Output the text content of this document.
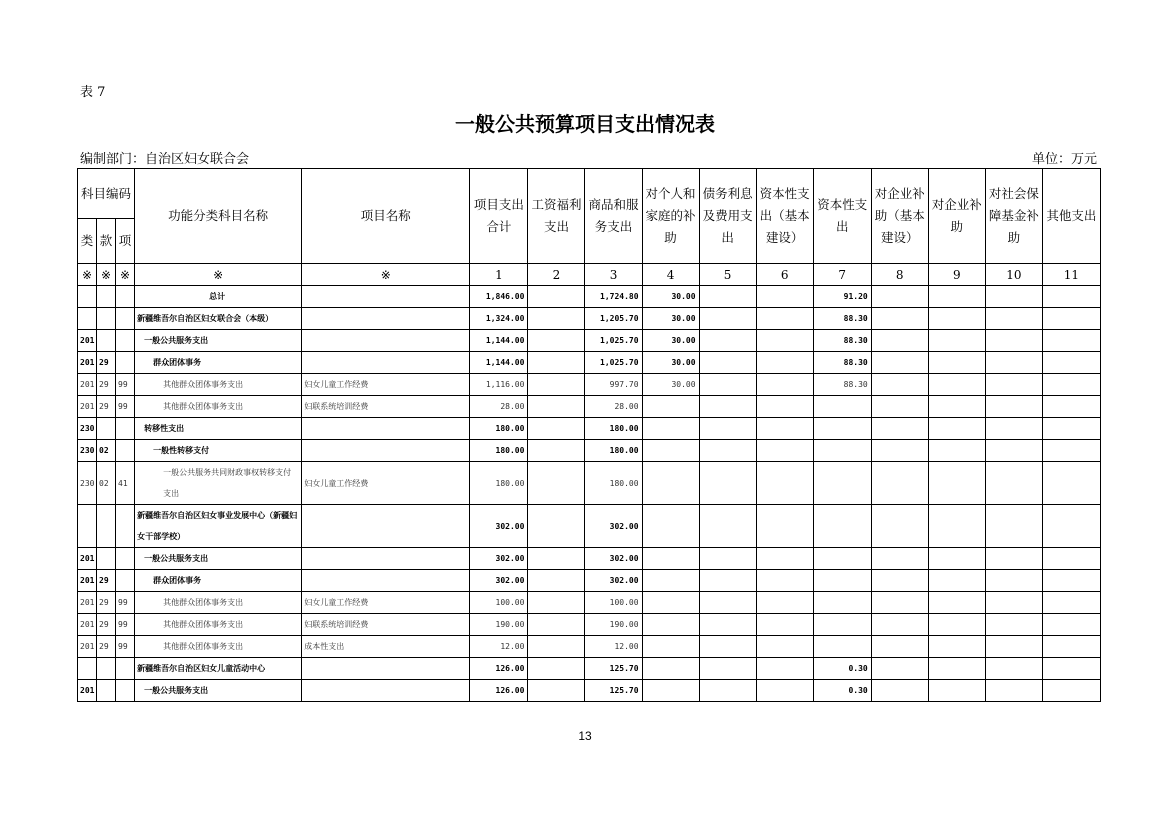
表 7
一般公共预算项目支出情况表
编制部门：自治区妇女联合会	单位：万元
科目编码			功能分类科目名称	项目名称	项目支出合计	工资福利支出	商品和服务支出	对个人和家庭的补助	债务利息及费用支出	资本性支出（基本建设）	资本性支出	对企业补助（基本建设）	对企业补助	对社会保障基金补助	其他支出
类	款	项													
※	※	※	※	※	1	2	3	4	5	6	7	8	9	10	11
			总计		1,846.00		1,724.80	30.00			91.20				
			新疆维吾尔自治区妇女联合会（本级）		1,324.00		1,205.70	30.00			88.30				
201			一般公共服务支出		1,144.00		1,025.70	30.00			88.30				
201	29		群众团体事务		1,144.00		1,025.70	30.00			88.30				
201	29	99	其他群众团体事务支出	妇女儿童工作经费	1,116.00		997.70	30.00			88.30				
201	29	99	其他群众团体事务支出	妇联系统培训经费	28.00		28.00								
230			转移性支出		180.00		180.00								
230	02		一般性转移支付		180.00		180.00								
230	02	41	一般公共服务共同财政事权转移支付支出	妇女儿童工作经费	180.00		180.00								
			新疆维吾尔自治区妇女事业发展中心（新疆妇女干部学校）		302.00		302.00								
201			一般公共服务支出		302.00		302.00								
201	29		群众团体事务		302.00		302.00								
201	29	99	其他群众团体事务支出	妇女儿童工作经费	100.00		100.00								
201	29	99	其他群众团体事务支出	妇联系统培训经费	190.00		190.00								
201	29	99	其他群众团体事务支出	成本性支出	12.00		12.00								
			新疆维吾尔自治区妇女儿童活动中心		126.00		125.70				0.30				
201			一般公共服务支出		126.00		125.70				0.30				
13
